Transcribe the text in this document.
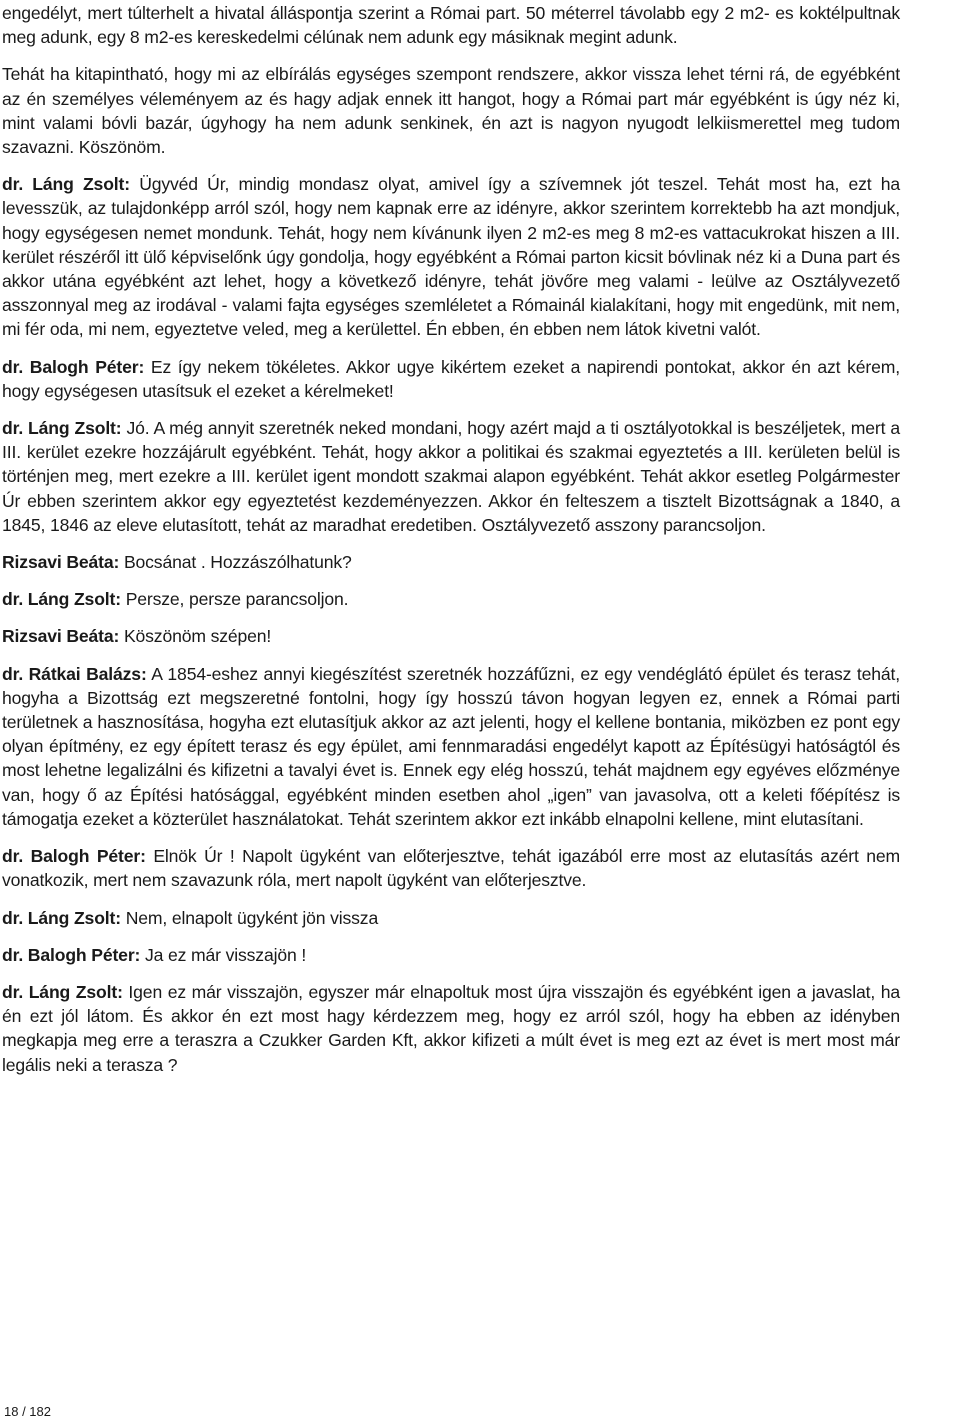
engedélyt, mert túlterhelt a hivatal álláspontja szerint a Római part. 50 méterrel távolabb egy 2 m2- es koktélpultnak meg adunk, egy 8 m2-es kereskedelmi célúnak nem adunk egy másiknak megint adunk.

Tehát ha kitapintható, hogy mi az elbírálás egységes szempont rendszere, akkor vissza lehet térni rá, de egyébként az én személyes véleményem az és hagy adjak ennek itt hangot, hogy a Római part már egyébként is úgy néz ki, mint valami bóvli bazár, úgyhogy ha nem adunk senkinek, én azt is nagyon nyugodt lelkiismerettel meg tudom szavazni. Köszönöm.

dr. Láng Zsolt: Ügyvéd Úr, mindig mondasz olyat, amivel így a szívemnek jót teszel. Tehát most ha, ezt ha levesszük, az tulajdonképp arról szól, hogy nem kapnak erre az idényre, akkor szerintem korrektebb ha azt mondjuk, hogy egységesen nemet mondunk. Tehát, hogy nem kívánunk ilyen 2 m2-es meg 8 m2-es vattacukrokat hiszen a III. kerület részéről itt ülő képviselőnk úgy gondolja, hogy egyébként a Római parton kicsit bóvlinak néz ki a Duna part és akkor utána egyébként azt lehet, hogy a következő idényre, tehát jövőre meg valami - leülve az Osztályvezető asszonnyal meg az irodával - valami fajta egységes szemléletet a Rómainál kialakítani, hogy mit engedünk, mit nem, mi fér oda, mi nem, egyeztetve veled, meg a kerülettel. Én ebben, én ebben nem látok kivetni valót.

dr. Balogh Péter: Ez így nekem tökéletes. Akkor ugye kikértem ezeket a napirendi pontokat, akkor én azt kérem, hogy egységesen utasítsuk el ezeket a kérelmeket!

dr. Láng Zsolt: Jó. A még annyit szeretnék neked mondani, hogy azért majd a ti osztályotokkal is beszéljetek, mert a III. kerület ezekre hozzájárult egyébként. Tehát, hogy akkor a politikai és szakmai egyeztetés a III. kerületen belül is történjen meg, mert ezekre a III. kerület igent mondott szakmai alapon egyébként. Tehát akkor esetleg Polgármester Úr ebben szerintem akkor egy egyeztetést kezdeményezzen. Akkor én felteszem a tisztelt Bizottságnak a 1840, a 1845, 1846 az eleve elutasított, tehát az maradhat eredetiben. Osztályvezető asszony parancsoljon.

Rizsavi Beáta: Bocsánat . Hozzászólhatunk?

dr. Láng Zsolt: Persze, persze parancsoljon.

Rizsavi Beáta: Köszönöm szépen!

dr. Rátkai Balázs: A 1854-eshez annyi kiegészítést szeretnék hozzáfűzni, ez egy vendéglátó épület és terasz tehát, hogyha a Bizottság ezt megszeretné fontolni, hogy így hosszú távon hogyan legyen ez, ennek a Római parti területnek a hasznosítása, hogyha ezt elutasítjuk akkor az azt jelenti, hogy el kellene bontania, miközben ez pont egy olyan építmény, ez egy épített terasz és egy épület, ami fennmaradási engedélyt kapott az Építésügyi hatóságtól és most lehetne legalizálni és kifizetni a tavalyi évet is. Ennek egy elég hosszú, tehát majdnem egy egyéves előzménye van, hogy ő az Építési hatósággal, egyébként minden esetben ahol „igen” van javasolva, ott a keleti főépítész is támogatja ezeket a közterület használatokat. Tehát szerintem akkor ezt inkább elnapolni kellene, mint elutasítani.

dr. Balogh Péter: Elnök Úr ! Napolt ügyként van előterjesztve, tehát igazából erre most az elutasítás azért nem vonatkozik, mert nem szavazunk róla, mert napolt ügyként van előterjesztve.

dr. Láng Zsolt: Nem, elnapolt ügyként jön vissza

dr. Balogh Péter: Ja ez már visszajön !

dr. Láng Zsolt: Igen ez már visszajön, egyszer már elnapoltuk most újra visszajön és egyébként igen a javaslat, ha én ezt jól látom. És akkor én ezt most hagy kérdezzem meg, hogy ez arról szól, hogy ha ebben az idényben megkapja meg erre a teraszra a Czukker Garden Kft, akkor kifizeti a múlt évet is meg ezt az évet is mert most már legális neki a terasza ?

18 / 182
